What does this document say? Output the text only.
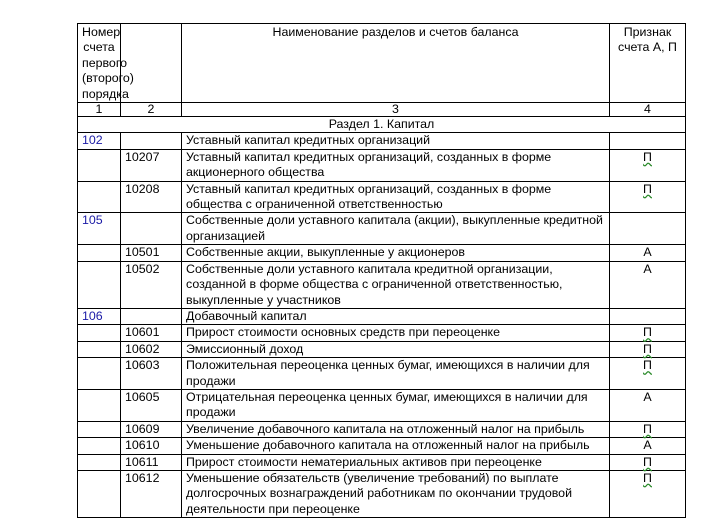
Номер счета первого (второго) порядка		Наименование разделов и счетов баланса	Признак счета А, П
1	2	3	4
Раздел 1. Капитал			
102		Уставный капитал кредитных организаций	
	10207	Уставный капитал кредитных организаций, созданных в форме акционерного общества	П
	10208	Уставный капитал кредитных организаций, созданных в форме общества с ограниченной ответственностью	П
105		Собственные доли уставного капитала (акции), выкупленные кредитной организацией	
	10501	Собственные акции, выкупленные у акционеров	А
	10502	Собственные доли уставного капитала кредитной организации, созданной в форме общества с ограниченной ответственностью, выкупленные у участников	А
106		Добавочный капитал	
	10601	Прирост стоимости основных средств при переоценке	П
	10602	Эмиссионный доход	П
	10603	Положительная переоценка ценных бумаг, имеющихся в наличии для продажи	П
	10605	Отрицательная переоценка ценных бумаг, имеющихся в наличии для продажи	А
	10609	Увеличение добавочного капитала на отложенный налог на прибыль	П
	10610	Уменьшение добавочного капитала на отложенный налог на прибыль	А
	10611	Прирост стоимости нематериальных активов при переоценке	П
	10612	Уменьшение обязательств (увеличение требований) по выплате долгосрочных вознаграждений работникам по окончании трудовой деятельности при переоценке	П
